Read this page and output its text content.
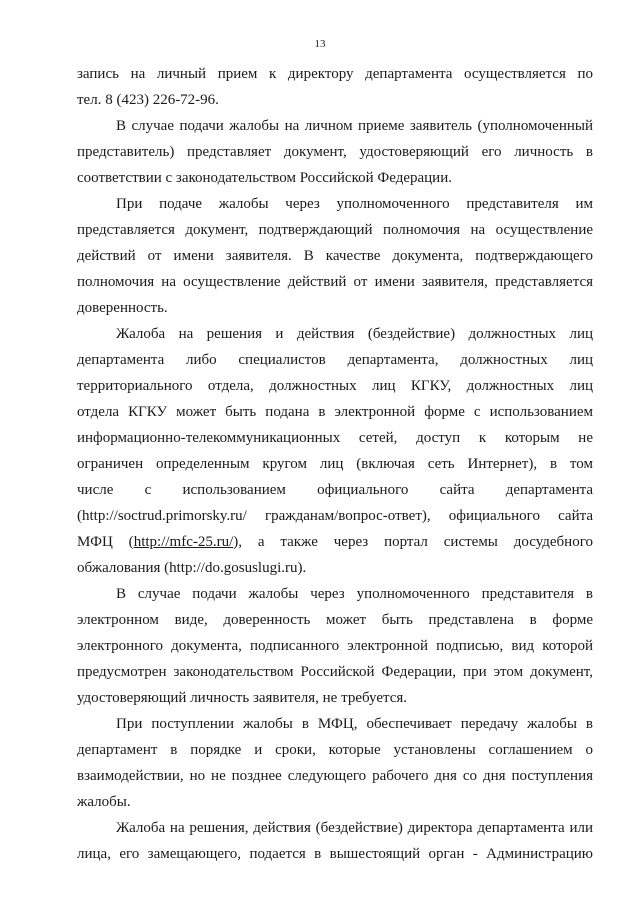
13
запись на личный прием к директору департамента осуществляется по
тел. 8 (423) 226-72-96.
В случае подачи жалобы на личном приеме заявитель (уполномоченный
представитель) представляет документ, удостоверяющий его личность в
соответствии с законодательством Российской Федерации.
При подаче жалобы через уполномоченного представителя им
представляется документ, подтверждающий полномочия на осуществление
действий от имени заявителя. В качестве документа, подтверждающего
полномочия на осуществление действий от имени заявителя, представляется
доверенность.
Жалоба на решения и действия (бездействие) должностных лиц
департамента либо специалистов департамента, должностных лиц
территориального отдела, должностных лиц КГКУ, должностных лиц
отдела КГКУ может быть подана в электронной форме с использованием
информационно-телекоммуникационных сетей, доступ к которым не
ограничен определенным кругом лиц (включая сеть Интернет), в том
числе с использованием официального сайта департамента
(http://soctrud.primorsky.ru/ гражданам/вопрос-ответ), официального сайта
МФЦ (http://mfc-25.ru/), а также через портал системы досудебного
обжалования (http://do.gosuslugi.ru).
В случае подачи жалобы через уполномоченного представителя в
электронном виде, доверенность может быть представлена в форме
электронного документа, подписанного электронной подписью, вид которой
предусмотрен законодательством Российской Федерации, при этом документ,
удостоверяющий личность заявителя, не требуется.
При поступлении жалобы в МФЦ, обеспечивает передачу жалобы в
департамент в порядке и сроки, которые установлены соглашением о
взаимодействии, но не позднее следующего рабочего дня со дня поступления
жалобы.
Жалоба на решения, действия (бездействие) директора департамента или
лица, его замещающего, подается в вышестоящий орган - Администрацию
